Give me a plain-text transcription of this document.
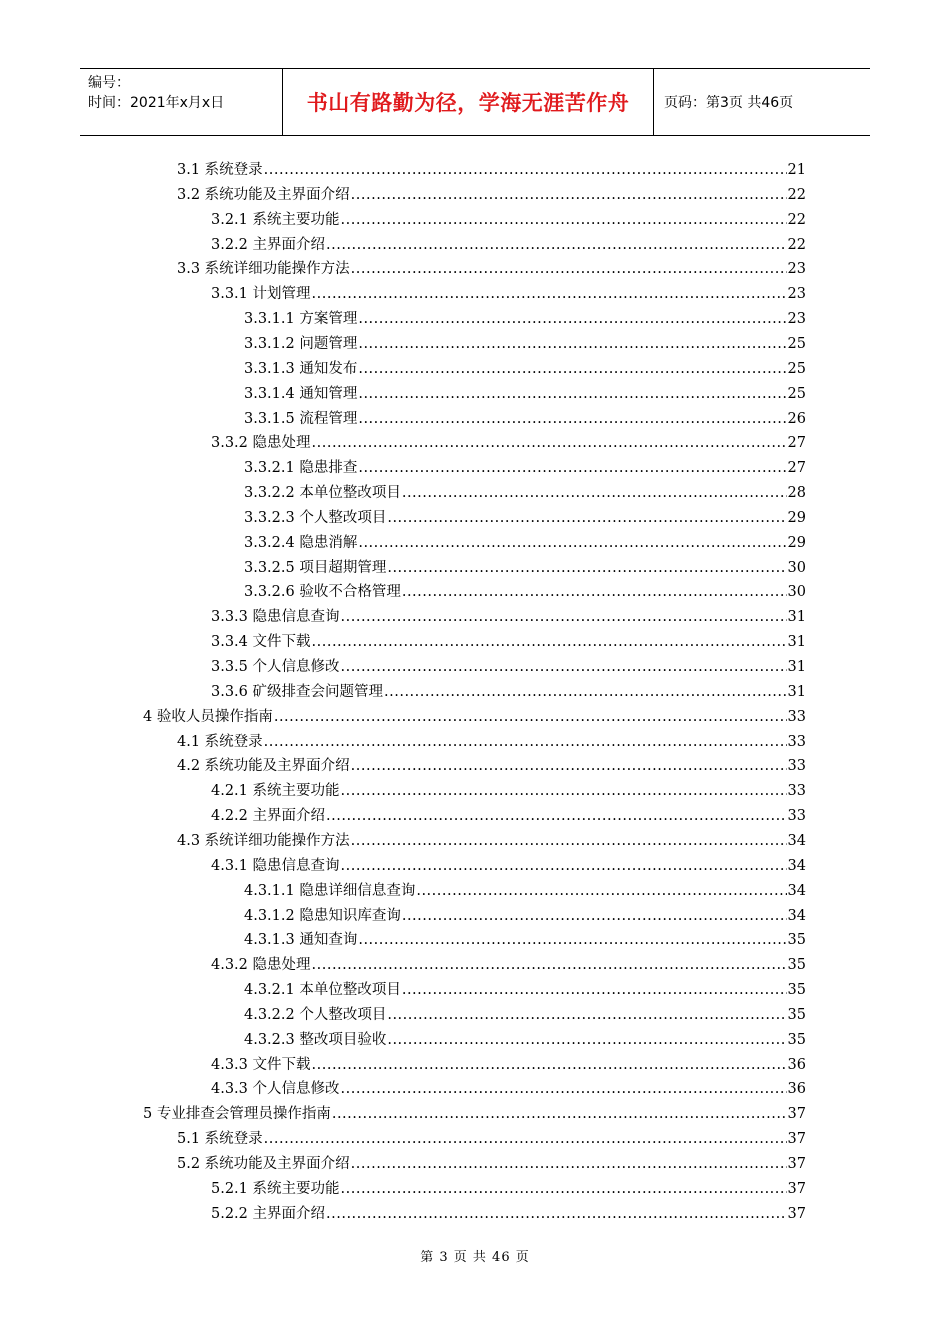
编号：
时间：2021年x月x日	书山有路勤为径，学海无涯苦作舟 页码：第3页 共46页
3.1 系统登录 .....	21
3.2 系统功能及主界面介绍 .....	22
3.2.1 系统主要功能 .....	22
3.2.2 主界面介绍 .....	22
3.3 系统详细功能操作方法 .....	23
3.3.1 计划管理 .....	23
3.3.1.1 方案管理 .....	23
3.3.1.2 问题管理 .....	25
3.3.1.3 通知发布 .....	25
3.3.1.4 通知管理 .....	25
3.3.1.5 流程管理 .....	26
3.3.2 隐患处理 .....	27
3.3.2.1 隐患排查 .....	27
3.3.2.2 本单位整改项目 .....	28
3.3.2.3 个人整改项目 .....	29
3.3.2.4 隐患消解 .....	29
3.3.2.5 项目超期管理 .....	30
3.3.2.6 验收不合格管理 .....	30
3.3.3 隐患信息查询 .....	31
3.3.4 文件下载 .....	31
3.3.5 个人信息修改 .....	31
3.3.6 矿级排查会问题管理 .....	31
4 验收人员操作指南 .....	33
4.1 系统登录 .....	33
4.2 系统功能及主界面介绍 .....	33
4.2.1 系统主要功能 .....	33
4.2.2 主界面介绍 .....	33
4.3 系统详细功能操作方法 .....	34
4.3.1 隐患信息查询 .....	34
4.3.1.1 隐患详细信息查询 .....	34
4.3.1.2 隐患知识库查询 .....	34
4.3.1.3 通知查询 .....	35
4.3.2 隐患处理 .....	35
4.3.2.1 本单位整改项目 .....	35
4.3.2.2 个人整改项目 .....	35
4.3.2.3 整改项目验收 .....	35
4.3.3 文件下载 .....	36
4.3.3 个人信息修改 .....	36
5 专业排查会管理员操作指南 .....	37
5.1 系统登录 .....	37
5.2 系统功能及主界面介绍 .....	37
5.2.1 系统主要功能 .....	37
5.2.2 主界面介绍 .....	37
第 3 页 共 46 页
